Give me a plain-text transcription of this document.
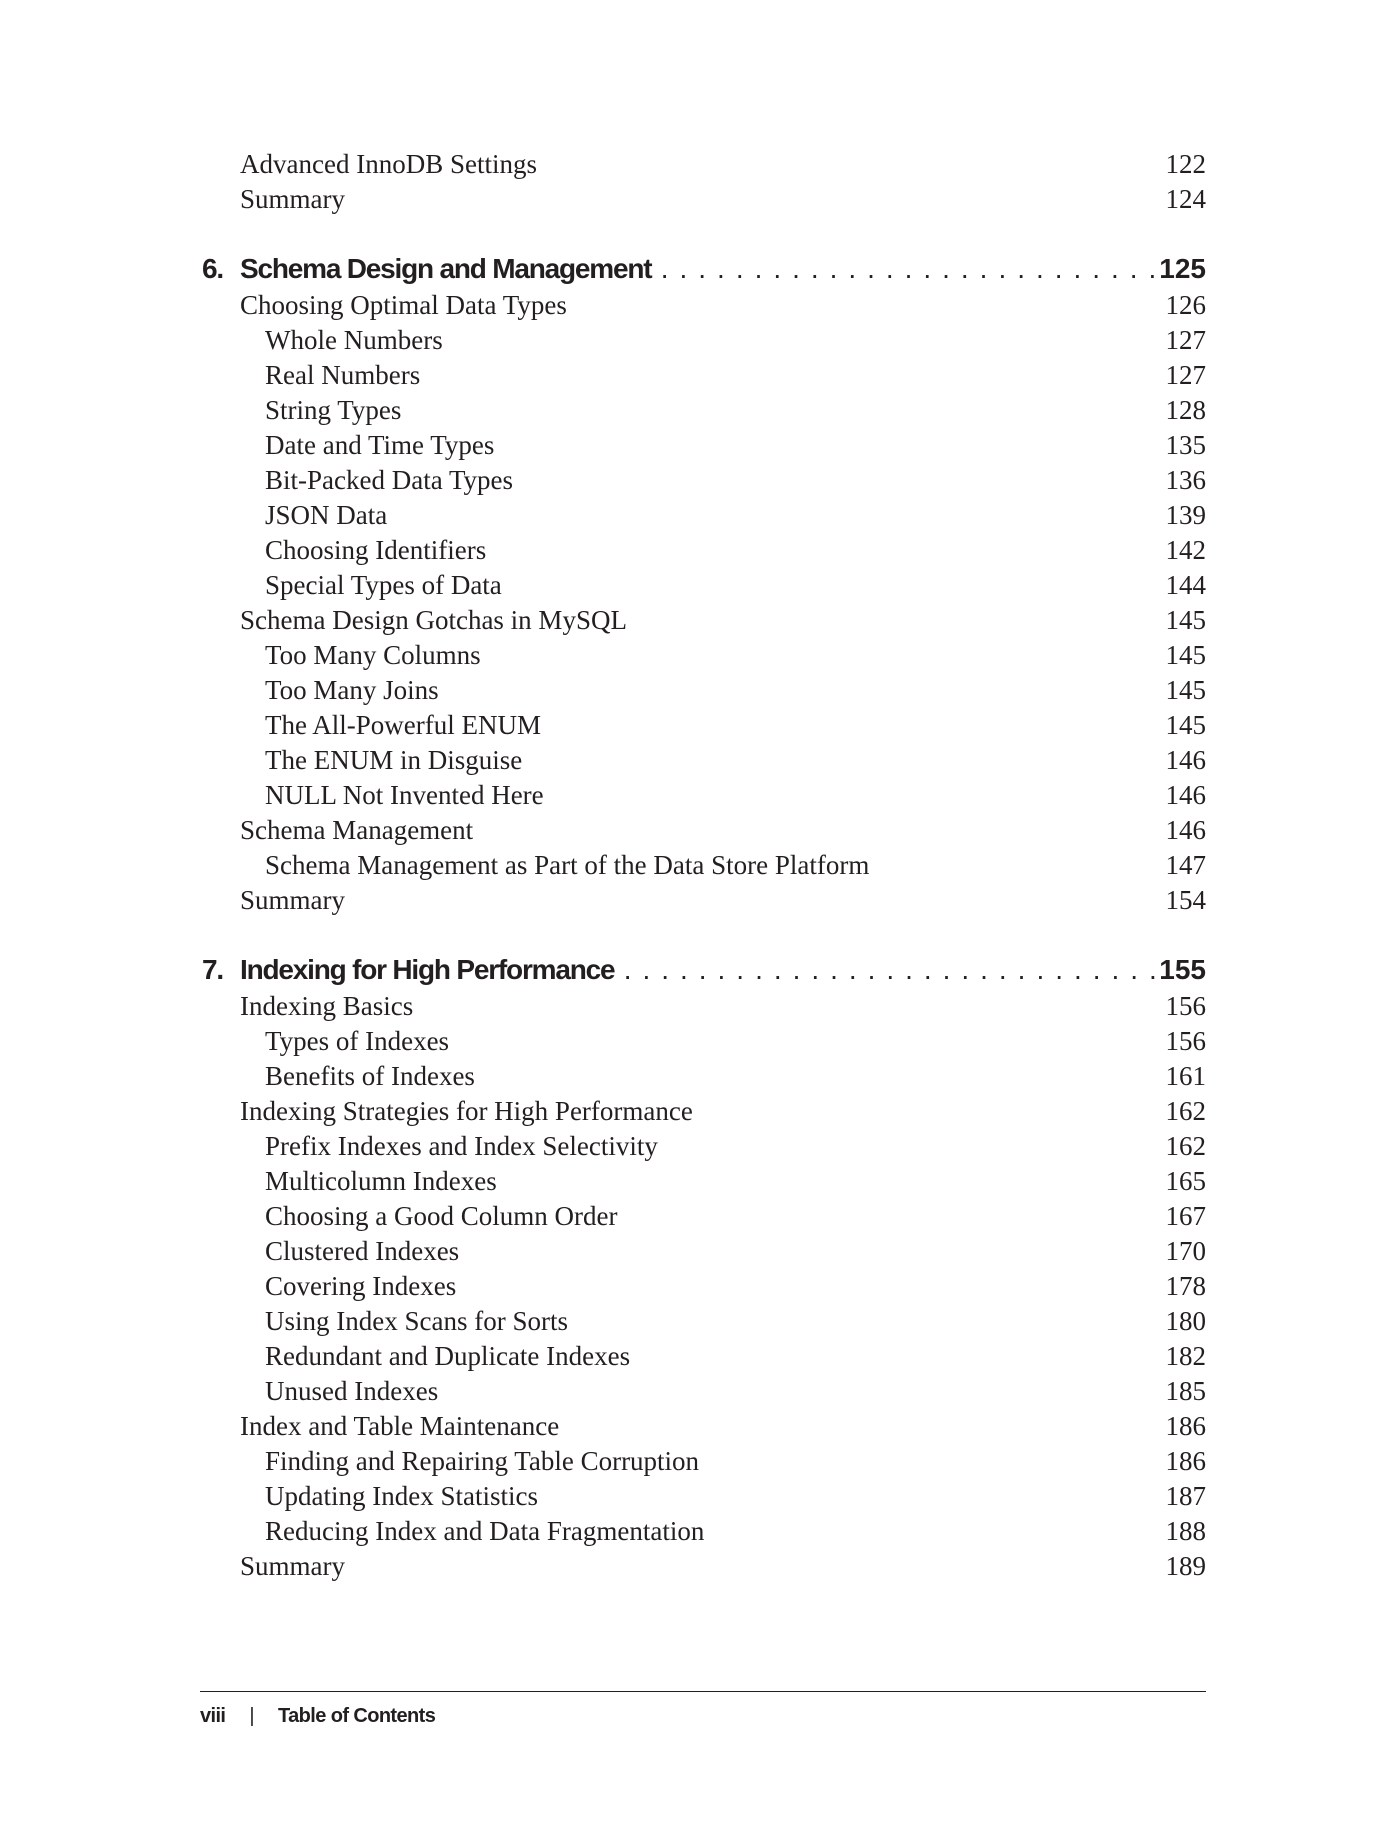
Advanced InnoDB Settings	122
Summary	124
6. Schema Design and Management . . .	125
Choosing Optimal Data Types	126
Whole Numbers	127
Real Numbers	127
String Types	128
Date and Time Types	135
Bit-Packed Data Types	136
JSON Data	139
Choosing Identifiers	142
Special Types of Data	144
Schema Design Gotchas in MySQL	145
Too Many Columns	145
Too Many Joins	145
The All-Powerful ENUM	145
The ENUM in Disguise	146
NULL Not Invented Here	146
Schema Management	146
Schema Management as Part of the Data Store Platform	147
Summary	154
7. Indexing for High Performance . . .	155
Indexing Basics	156
Types of Indexes	156
Benefits of Indexes	161
Indexing Strategies for High Performance	162
Prefix Indexes and Index Selectivity	162
Multicolumn Indexes	165
Choosing a Good Column Order	167
Clustered Indexes	170
Covering Indexes	178
Using Index Scans for Sorts	180
Redundant and Duplicate Indexes	182
Unused Indexes	185
Index and Table Maintenance	186
Finding and Repairing Table Corruption	186
Updating Index Statistics	187
Reducing Index and Data Fragmentation	188
Summary	189
viii | Table of Contents
